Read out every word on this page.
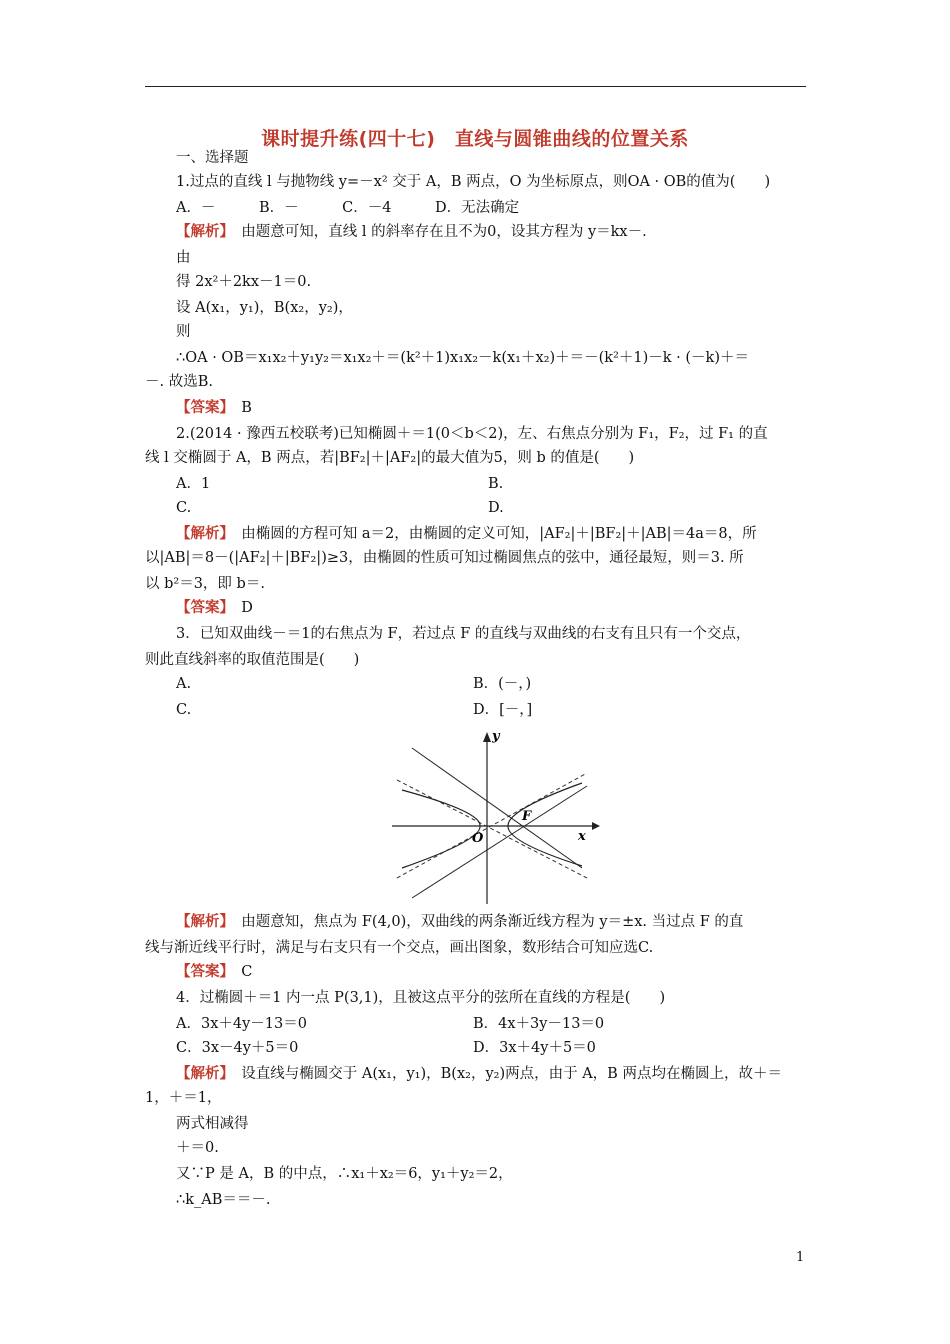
课时提升练(四十七)　直线与圆锥曲线的位置关系
一、选择题
1.过点的直线 l 与抛物线 y=－x² 交于 A，B 两点，O 为坐标原点，则OA · OB的值为(　　)
A．－　　　B．－　　　C．－4　　　D．无法确定
【解析】　由题意可知，直线 l 的斜率存在且不为0，设其方程为 y＝kx－.
由
得 2x²＋2kx－1＝0.
设 A(x₁，y₁)，B(x₂，y₂)，
则
∴OA · OB＝x₁x₂＋y₁y₂＝x₁x₂＋＝(k²＋1)x₁x₂－k(x₁＋x₂)＋＝－(k²＋1)－k · (－k)＋＝
－. 故选B.
【答案】　B
2.(2014 · 豫西五校联考)已知椭圆＋＝1(0＜b＜2)，左、右焦点分别为 F₁，F₂，过 F₁ 的直
线 l 交椭圆于 A，B 两点，若|BF₂|＋|AF₂|的最大值为5，则 b 的值是(　　)
A．1	B.
C.	D.
【解析】　由椭圆的方程可知 a＝2，由椭圆的定义可知，|AF₂|＋|BF₂|＋|AB|＝4a＝8，所
以|AB|＝8－(|AF₂|＋|BF₂|)≥3，由椭圆的性质可知过椭圆焦点的弦中，通径最短，则＝3. 所
以 b²＝3，即 b＝.
【答案】　D
3．已知双曲线－＝1的右焦点为 F，若过点 F 的直线与双曲线的右支有且只有一个交点，
则此直线斜率的取值范围是(　　)
A.	B．(－，)
C.	D．[－，]
【解析】　由题意知，焦点为 F(4,0)，双曲线的两条渐近线方程为 y＝±x. 当过点 F 的直
线与渐近线平行时，满足与右支只有一个交点，画出图象，数形结合可知应选C.
【答案】　C
4．过椭圆＋＝1 内一点 P(3,1)，且被这点平分的弦所在直线的方程是(　　)
A．3x＋4y－13＝0	B．4x＋3y－13＝0
C．3x－4y＋5＝0	D．3x＋4y＋5＝0
【解析】　设直线与椭圆交于 A(x₁，y₁)，B(x₂，y₂)两点，由于 A，B 两点均在椭圆上，故＋＝
1，＋＝1，
两式相减得
＋＝0.
又∵P 是 A，B 的中点，∴x₁＋x₂＝6，y₁＋y₂＝2，
∴k_AB＝＝－.
y
x
O
F
1
